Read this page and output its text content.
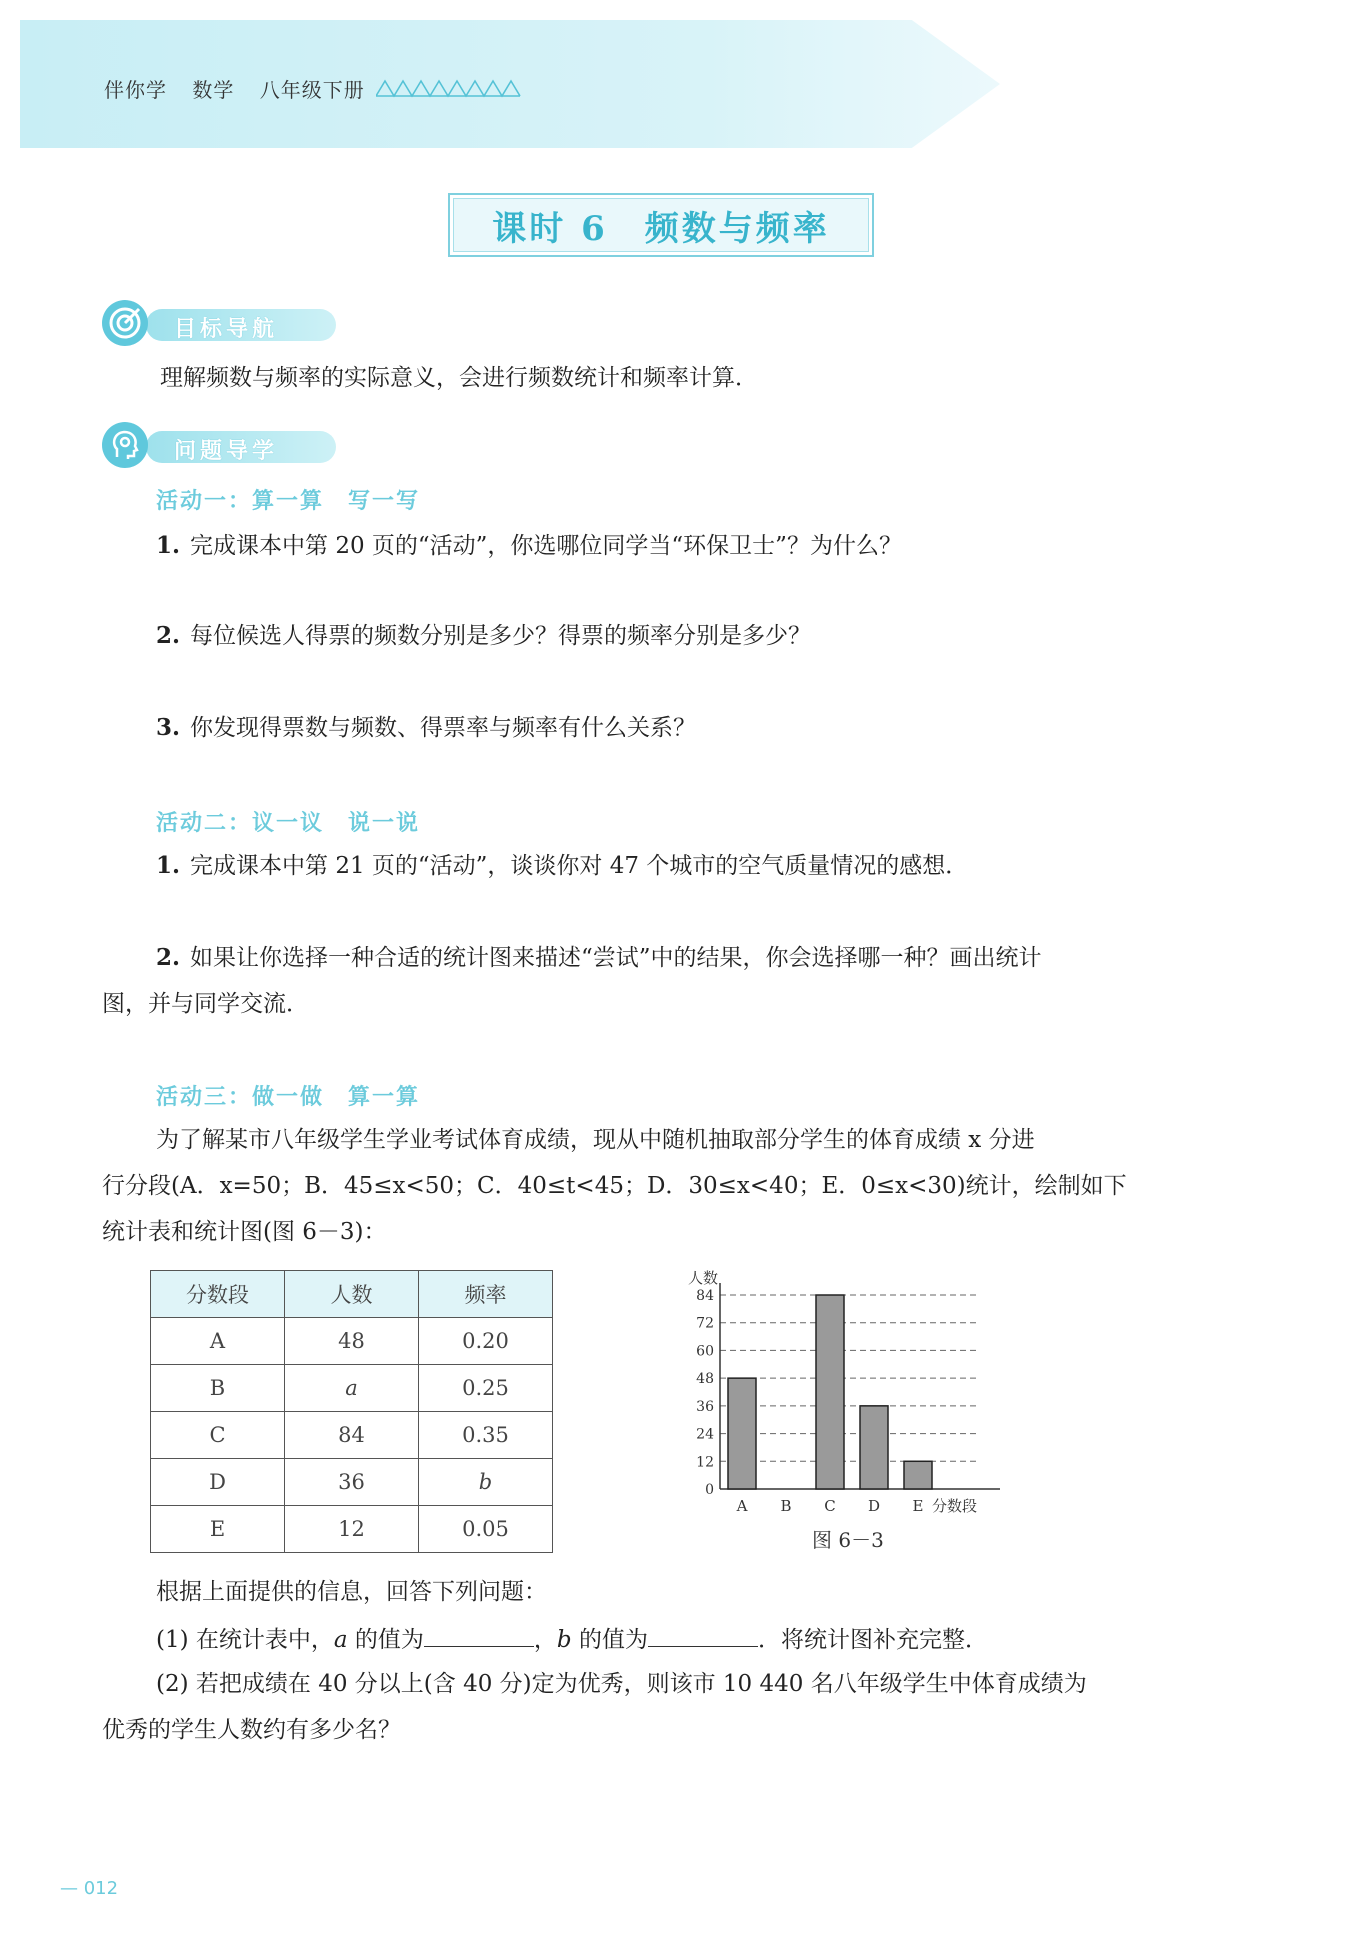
伴你学 数学 八年级下册
课时 6　频数与频率
目标导航
理解频数与频率的实际意义，会进行频数统计和频率计算．
问题导学
活动一：算一算　写一写
1. 完成课本中第 20 页的“活动”，你选哪位同学当“环保卫士”？为什么？
2. 每位候选人得票的频数分别是多少？得票的频率分别是多少？
3. 你发现得票数与频数、得票率与频率有什么关系？
活动二：议一议　说一说
1. 完成课本中第 21 页的“活动”，谈谈你对 47 个城市的空气质量情况的感想．
2. 如果让你选择一种合适的统计图来描述“尝试”中的结果，你会选择哪一种？画出统计
图，并与同学交流．
活动三：做一做　算一算
为了解某市八年级学生学业考试体育成绩，现从中随机抽取部分学生的体育成绩 x 分进
行分段(A．x=50；B．45≤x<50；C．40≤t<45；D．30≤x<40；E．0≤x<30)统计，绘制如下
统计表和统计图(图 6－3)：
分数段	人数	频率
A	48	0.20
B	a	0.25
C	84	0.35
D	36	b
E	12	0.05
人数
0
12
24
36
48
60
72
84
A B C D E 分数段
图 6－3
根据上面提供的信息，回答下列问题：
(1) 在统计表中，a 的值为	，b 的值为	．将统计图补充完整．
(2) 若把成绩在 40 分以上(含 40 分)定为优秀，则该市 10 440 名八年级学生中体育成绩为
优秀的学生人数约有多少名？
— 012
